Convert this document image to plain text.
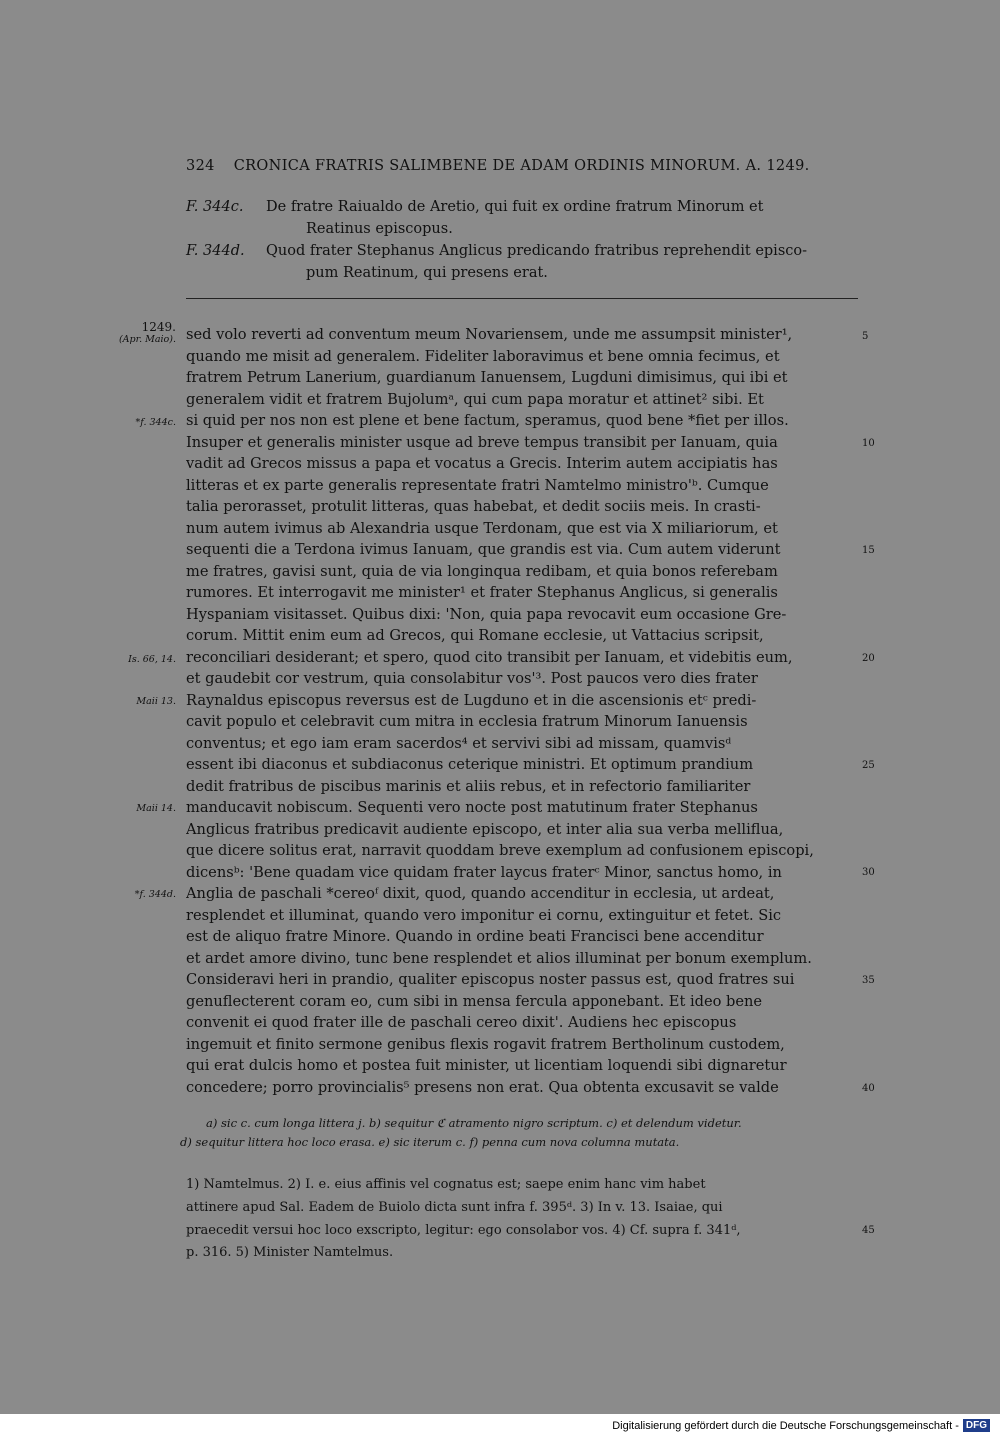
324 CRONICA FRATRIS SALIMBENE DE ADAM ORDINIS MINORUM. A. 1249.
F. 344c. De fratre Raiualdo de Aretio, qui fuit ex ordine fratrum Minorum et
Reatinus episcopus.
F. 344d. Quod frater Stephanus Anglicus predicando fratribus reprehendit episco-
pum Reatinum, qui presens erat.
1249.
(Apr. Maio).
*f. 344c.
Is. 66, 14.
Maii 13.
Maii 14.
*f. 344d.
5
10
15
20
25
30
35
40
45
sed volo reverti ad conventum meum Novariensem, unde me assumpsit minister¹,
quando me misit ad generalem. Fideliter laboravimus et bene omnia fecimus, et
fratrem Petrum Lanerium, guardianum Ianuensem, Lugduni dimisimus, qui ibi et
generalem vidit et fratrem Bujolumᵃ, qui cum papa moratur et attinet² sibi. Et
si quid per nos non est plene et bene factum, speramus, quod bene *fiet per illos.
Insuper et generalis minister usque ad breve tempus transibit per Ianuam, quia
vadit ad Grecos missus a papa et vocatus a Grecis. Interim autem accipiatis has
litteras et ex parte generalis representate fratri Namtelmo ministro'ᵇ. Cumque
talia perorasset, protulit litteras, quas habebat, et dedit sociis meis. In crasti-
num autem ivimus ab Alexandria usque Terdonam, que est via X miliariorum, et
sequenti die a Terdona ivimus Ianuam, que grandis est via. Cum autem viderunt
me fratres, gavisi sunt, quia de via longinqua redibam, et quia bonos referebam
rumores. Et interrogavit me minister¹ et frater Stephanus Anglicus, si generalis
Hyspaniam visitasset. Quibus dixi: 'Non, quia papa revocavit eum occasione Gre-
corum. Mittit enim eum ad Grecos, qui Romane ecclesie, ut Vattacius scripsit,
reconciliari desiderant; et spero, quod cito transibit per Ianuam, et videbitis eum,
et gaudebit cor vestrum, quia consolabitur vos'³. Post paucos vero dies frater
Raynaldus episcopus reversus est de Lugduno et in die ascensionis etᶜ predi-
cavit populo et celebravit cum mitra in ecclesia fratrum Minorum Ianuensis
conventus; et ego iam eram sacerdos⁴ et servivi sibi ad missam, quamvisᵈ
essent ibi diaconus et subdiaconus ceterique ministri. Et optimum prandium
dedit fratribus de piscibus marinis et aliis rebus, et in refectorio familiariter
manducavit nobiscum. Sequenti vero nocte post matutinum frater Stephanus
Anglicus fratribus predicavit audiente episcopo, et inter alia sua verba melliflua,
que dicere solitus erat, narravit quoddam breve exemplum ad confusionem episcopi,
dicensᵇ: 'Bene quadam vice quidam frater laycus fraterᶜ Minor, sanctus homo, in
Anglia de paschali *cereoᶠ dixit, quod, quando accenditur in ecclesia, ut ardeat,
resplendet et illuminat, quando vero imponitur ei cornu, extinguitur et fetet. Sic
est de aliquo fratre Minore. Quando in ordine beati Francisci bene accenditur
et ardet amore divino, tunc bene resplendet et alios illuminat per bonum exemplum.
Consideravi heri in prandio, qualiter episcopus noster passus est, quod fratres sui
genuflecterent coram eo, cum sibi in mensa fercula apponebant. Et ideo bene
convenit ei quod frater ille de paschali cereo dixit'. Audiens hec episcopus
ingemuit et finito sermone genibus flexis rogavit fratrem Bertholinum custodem,
qui erat dulcis homo et postea fuit minister, ut licentiam loquendi sibi dignaretur
concedere; porro provincialis⁵ presens non erat. Qua obtenta excusavit se valde
a) sic c. cum longa littera j. b) sequitur ℭ atramento nigro scriptum. c) et delendum videtur.
d) sequitur littera hoc loco erasa. e) sic iterum c. f) penna cum nova columna mutata.
1) Namtelmus. 2) I. e. eius affinis vel cognatus est; saepe enim hanc vim habet
attinere apud Sal. Eadem de Buiolo dicta sunt infra f. 395ᵈ. 3) In v. 13. Isaiae, qui
praecedit versui hoc loco exscripto, legitur: ego consolabor vos. 4) Cf. supra f. 341ᵈ,
p. 316. 5) Minister Namtelmus.
Digitalisierung gefördert durch die Deutsche Forschungsgemeinschaft - DFG
